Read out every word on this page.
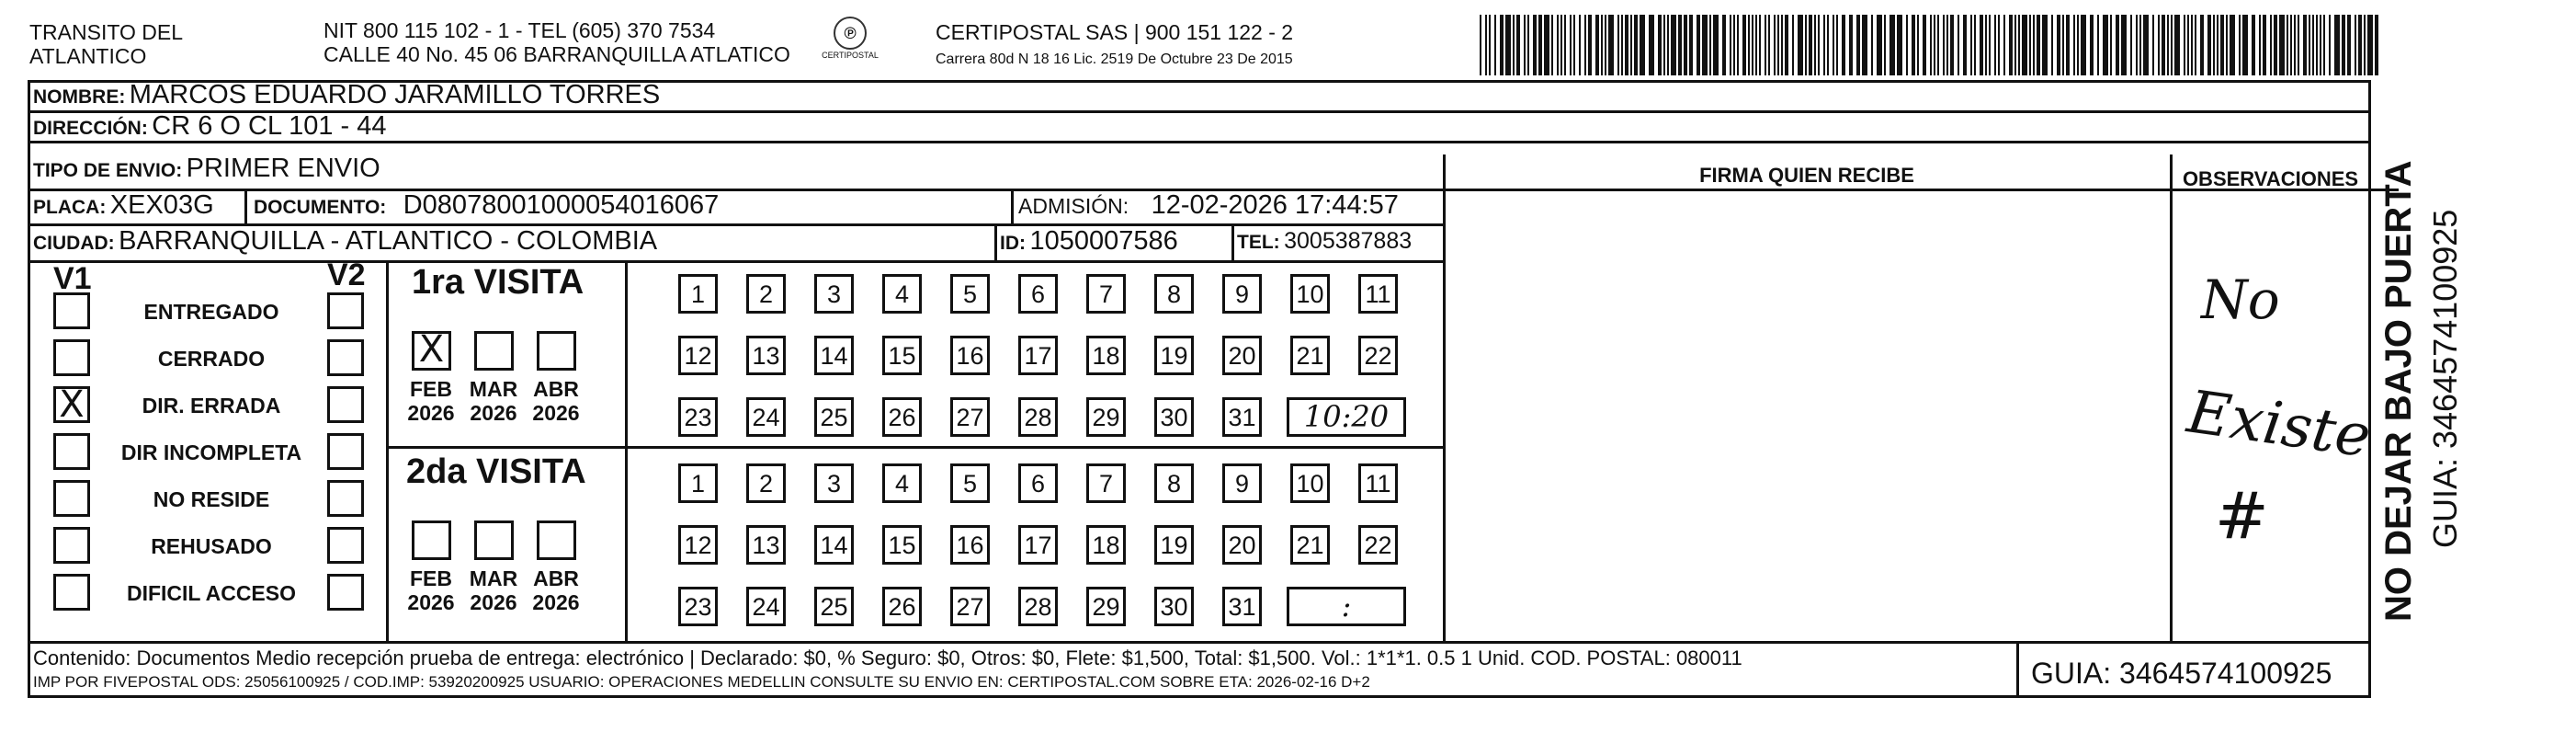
TRANSITO DEL
ATLANTICO
NIT 800 115 102 - 1 - TEL (605) 370 7534
CALLE 40 No. 45 06 BARRANQUILLA ATLATICO
℗
CERTIPOSTAL
CERTIPOSTAL SAS | 900 151 122 - 2
Carrera 80d N 18 16 Lic. 2519 De Octubre 23 De 2015
NOMBRE: MARCOS EDUARDO JARAMILLO TORRES
DIRECCIÓN: CR 6 O CL 101 - 44
TIPO DE ENVIO: PRIMER ENVIO
PLACA: XEX03G DOCUMENTO: D08078001000054016067	ADMISIÓN: 12-02-2026 17:44:57
CIUDAD: BARRANQUILLA - ATLANTICO - COLOMBIA	ID: 1050007586	TEL: 3005387883
FIRMA QUIEN RECIBE	OBSERVACIONES
V1	V2
ENTREGADO
CERRADO
X	DIR. ERRADA
DIR INCOMPLETA
NO RESIDE
REHUSADO
DIFICIL ACCESO
1ra VISITA
2da VISITA
X
FEB
2026
MAR
2026
ABR
2026
1	2	3	4	5	6	7	8	9	10 11
12 13 14 15 16 17 18 19 20 21 22
23 24 25 26 27 28 29 30 31	10:20
FEB
2026
MAR
2026
ABR
2026
1	2	3	4	5	6	7	8	9	10 11
12 13 14 15 16 17 18 19 20 21 22
23 24 25 26 27 28 29 30 31	:
No
Existe
#
Contenido: Documentos Medio recepción prueba de entrega: electrónico | Declarado: $0, % Seguro: $0, Otros: $0, Flete: $1,500, Total: $1,500. Vol.: 1*1*1. 0.5 1 Unid. COD. POSTAL: 080011
IMP POR FIVEPOSTAL ODS: 25056100925 / COD.IMP: 53920200925 USUARIO: OPERACIONES MEDELLIN CONSULTE SU ENVIO EN: CERTIPOSTAL.COM SOBRE ETA: 2026-02-16 D+2	GUIA: 3464574100925
NO DEJAR BAJO PUERTA GUIA: 3464574100925
